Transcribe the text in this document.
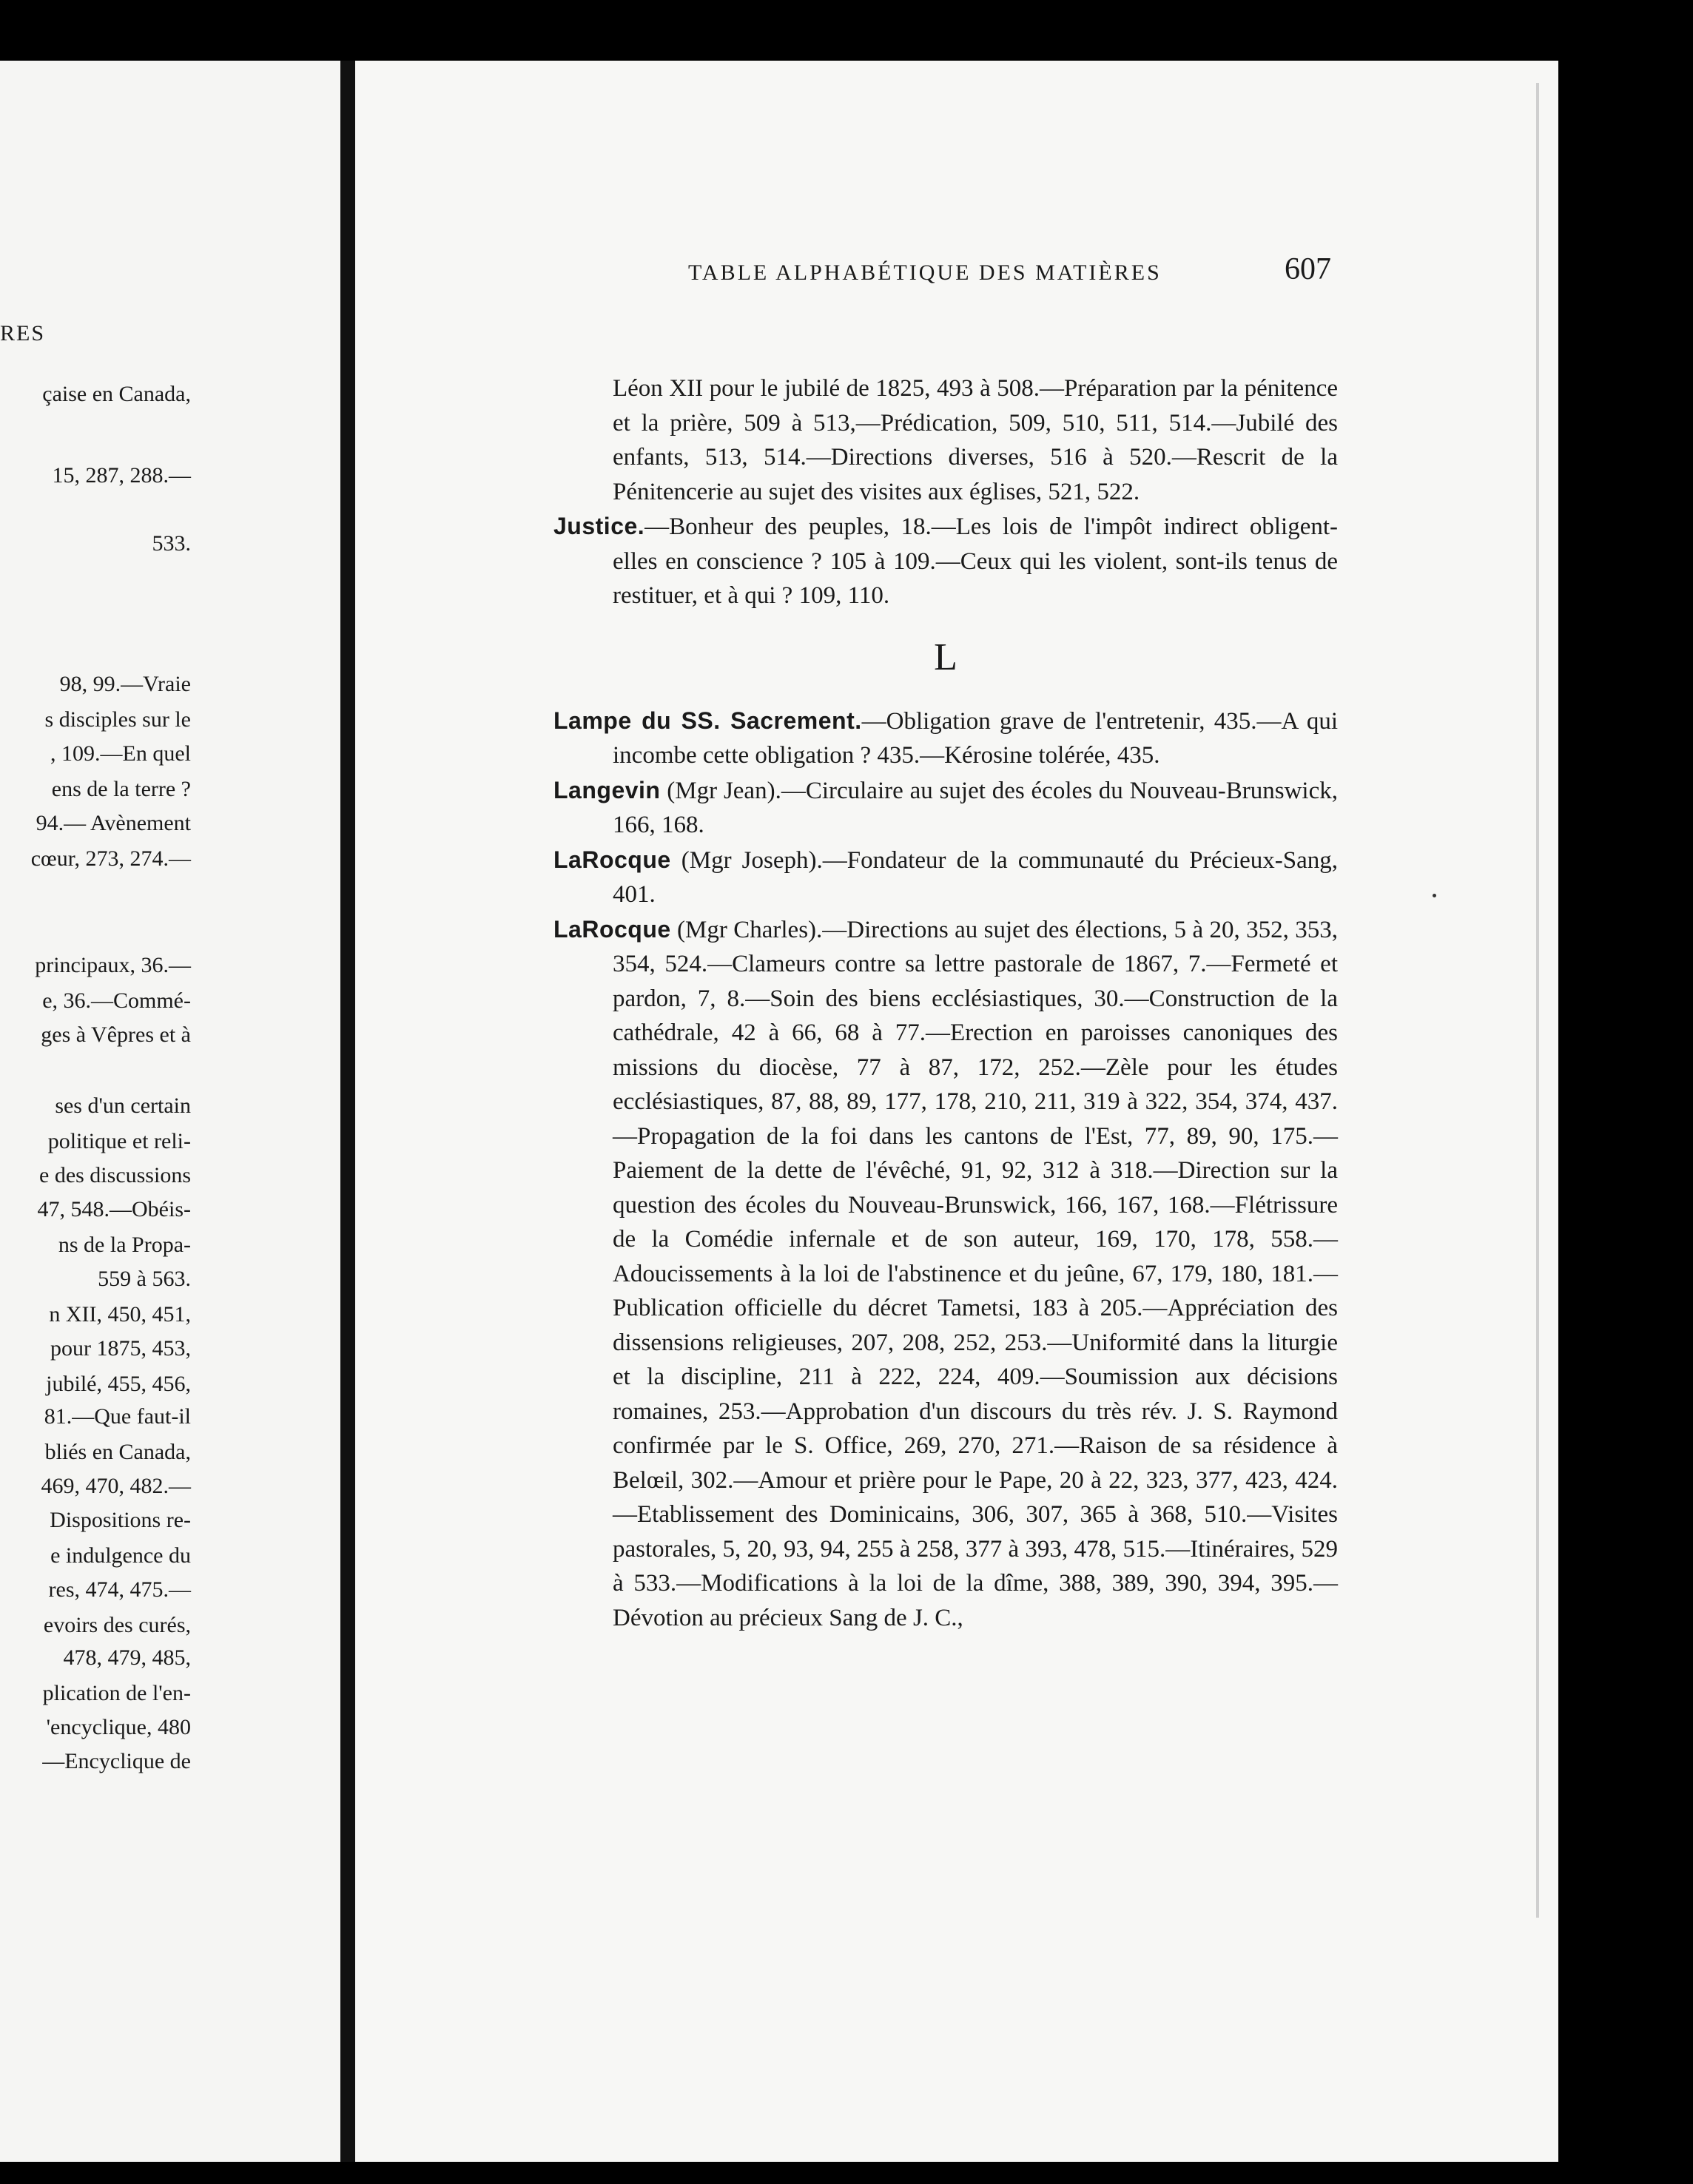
RES
çaise en Canada,
15, 287, 288.—
533.
98, 99.—Vraie
s disciples sur le
, 109.—En quel
ens de la terre ?
94.— Avènement
cœur, 273, 274.—
principaux, 36.—
e, 36.—Commé-
ges à Vêpres et à
ses d'un certain
politique et reli-
e des discussions
47, 548.—Obéis-
ns de la Propa-
559 à 563.
n XII, 450, 451,
pour 1875, 453,
jubilé, 455, 456,
81.—Que faut-il
bliés en Canada,
469, 470, 482.—
Dispositions re-
e indulgence du
res, 474, 475.—
evoirs des curés,
478, 479, 485,
plication de l'en-
'encyclique, 480
—Encyclique de
TABLE ALPHABÉTIQUE DES MATIÈRES	607

Léon XII pour le jubilé de 1825, 493 à 508.—Préparation par la pénitence et la prière, 509 à 513,—Prédication, 509, 510, 511, 514.—Jubilé des enfants, 513, 514.—Directions diverses, 516 à 520.—Rescrit de la Pénitencerie au sujet des visites aux églises, 521, 522.

Justice.—Bonheur des peuples, 18.—Les lois de l'impôt indirect obligent-elles en conscience ? 105 à 109.—Ceux qui les violent, sont-ils tenus de restituer, et à qui ? 109, 110.

L

Lampe du SS. Sacrement.—Obligation grave de l'entretenir, 435.—A qui incombe cette obligation ? 435.—Kérosine tolérée, 435.

Langevin (Mgr Jean).—Circulaire au sujet des écoles du Nouveau-Brunswick, 166, 168.

LaRocque (Mgr Joseph).—Fondateur de la communauté du Précieux-Sang, 401.

LaRocque (Mgr Charles).—Directions au sujet des élections, 5 à 20, 352, 353, 354, 524.—Clameurs contre sa lettre pastorale de 1867, 7.—Fermeté et pardon, 7, 8.—Soin des biens ecclésiastiques, 30.—Construction de la cathédrale, 42 à 66, 68 à 77.—Erection en paroisses canoniques des missions du diocèse, 77 à 87, 172, 252.—Zèle pour les études ecclésiastiques, 87, 88, 89, 177, 178, 210, 211, 319 à 322, 354, 374, 437.—Propagation de la foi dans les cantons de l'Est, 77, 89, 90, 175.—Paiement de la dette de l'évêché, 91, 92, 312 à 318.—Direction sur la question des écoles du Nouveau-Brunswick, 166, 167, 168.—Flétrissure de la Comédie infernale et de son auteur, 169, 170, 178, 558.—Adoucissements à la loi de l'abstinence et du jeûne, 67, 179, 180, 181.—Publication officielle du décret Tametsi, 183 à 205.—Appréciation des dissensions religieuses, 207, 208, 252, 253.—Uniformité dans la liturgie et la discipline, 211 à 222, 224, 409.—Soumission aux décisions romaines, 253.—Approbation d'un discours du très rév. J. S. Raymond confirmée par le S. Office, 269, 270, 271.—Raison de sa résidence à Belœil, 302.—Amour et prière pour le Pape, 20 à 22, 323, 377, 423, 424.—Etablissement des Dominicains, 306, 307, 365 à 368, 510.—Visites pastorales, 5, 20, 93, 94, 255 à 258, 377 à 393, 478, 515.—Itinéraires, 529 à 533.—Modifications à la loi de la dîme, 388, 389, 390, 394, 395.—Dévotion au précieux Sang de J. C.,
